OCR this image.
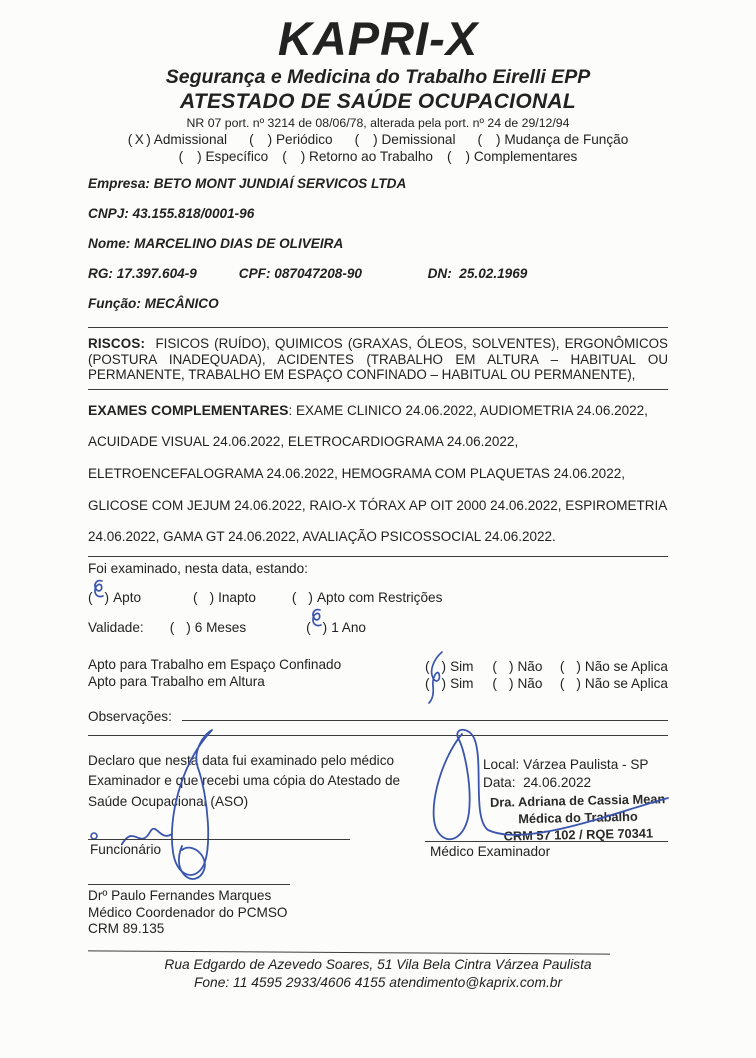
KAPRI-X
Segurança e Medicina do Trabalho Eirelli EPP
ATESTADO DE SAÚDE OCUPACIONAL
NR 07 port. nº 3214 de 08/06/78, alterada pela port. nº 24 de 29/12/94
( X ) Admissional ( ) Periódico ( ) Demissional ( ) Mudança de Função
( ) Específico ( ) Retorno ao Trabalho ( ) Complementares
Empresa: BETO MONT JUNDIAÍ SERVICOS LTDA
CNPJ: 43.155.818/0001-96
Nome: MARCELINO DIAS DE OLIVEIRA
RG: 17.397.604-9	CPF: 087047208-90	DN: 25.02.1969
Função: MECÂNICO

RISCOS: FISICOS (RUÍDO), QUIMICOS (GRAXAS, ÓLEOS, SOLVENTES), ERGONÔMICOS (POSTURA INADEQUADA), ACIDENTES (TRABALHO EM ALTURA – HABITUAL OU PERMANENTE, TRABALHO EM ESPAÇO CONFINADO – HABITUAL OU PERMANENTE),

EXAMES COMPLEMENTARES: EXAME CLINICO 24.06.2022, AUDIOMETRIA 24.06.2022, ACUIDADE VISUAL 24.06.2022, ELETROCARDIOGRAMA 24.06.2022, ELETROENCEFALOGRAMA 24.06.2022, HEMOGRAMA COM PLAQUETAS 24.06.2022, GLICOSE COM JEJUM 24.06.2022, RAIO-X TÓRAX AP OIT 2000 24.06.2022, ESPIROMETRIA 24.06.2022, GAMA GT 24.06.2022, AVALIAÇÃO PSICOSSOCIAL 24.06.2022.

Foi examinado, nesta data, estando:
( ) Apto	( ) Inapto	( ) Apto com Restrições
Validade: ( ) 6 Meses	( ) 1 Ano
Apto para Trabalho em Espaço Confinado	( ) Sim	( ) Não	( ) Não se Aplica
Apto para Trabalho em Altura	( ) Sim	( ) Não	( ) Não se Aplica
Observações:

Declaro que nesta data fui examinado pelo médico Examinador e que recebi uma cópia do Atestado de Saúde Ocupacional (ASO)

Local: Várzea Paulista - SP
Data: 24.06.2022
Dra. Adriana de Cassia Mean
Médica do Trabalho
CRM 57 102 / RQE 70341
Funcionário	Médico Examinador
Drº Paulo Fernandes Marques
Médico Coordenador do PCMSO
CRM 89.135
Rua Edgardo de Azevedo Soares, 51 Vila Bela Cintra Várzea Paulista
Fone: 11 4595 2933/4606 4155 atendimento@kaprix.com.br
